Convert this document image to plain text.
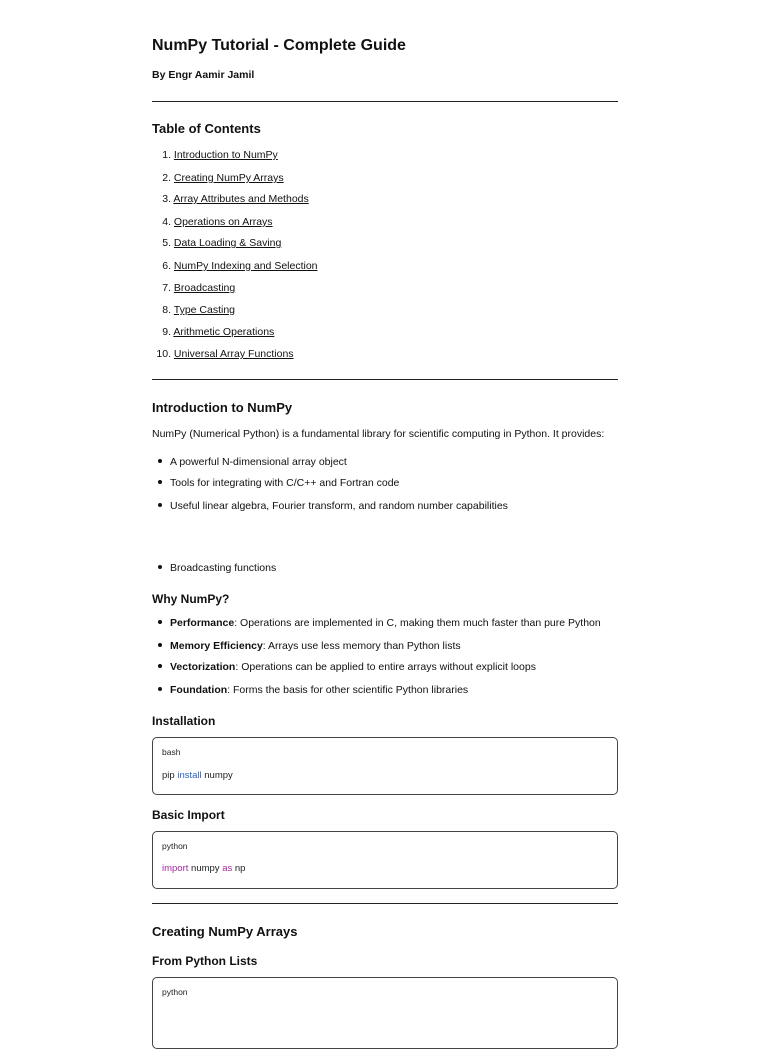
NumPy Tutorial - Complete Guide

By Engr Aamir Jamil

Table of Contents
1. Introduction to NumPy
2. Creating NumPy Arrays
3. Array Attributes and Methods
4. Operations on Arrays
5. Data Loading & Saving
6. NumPy Indexing and Selection
7. Broadcasting
8. Type Casting
9. Arithmetic Operations
10. Universal Array Functions
Introduction to NumPy

NumPy (Numerical Python) is a fundamental library for scientific computing in Python. It provides:

A powerful N-dimensional array object
Tools for integrating with C/C++ and Fortran code
Useful linear algebra, Fourier transform, and random number capabilities
Broadcasting functions
Why NumPy?
Performance: Operations are implemented in C, making them much faster than pure Python
Memory Efficiency: Arrays use less memory than Python lists
Vectorization: Operations can be applied to entire arrays without explicit loops
Foundation: Forms the basis for other scientific Python libraries
Installation
bash
pip install numpy
Basic Import
python
import numpy as np
Creating NumPy Arrays
From Python Lists
python
